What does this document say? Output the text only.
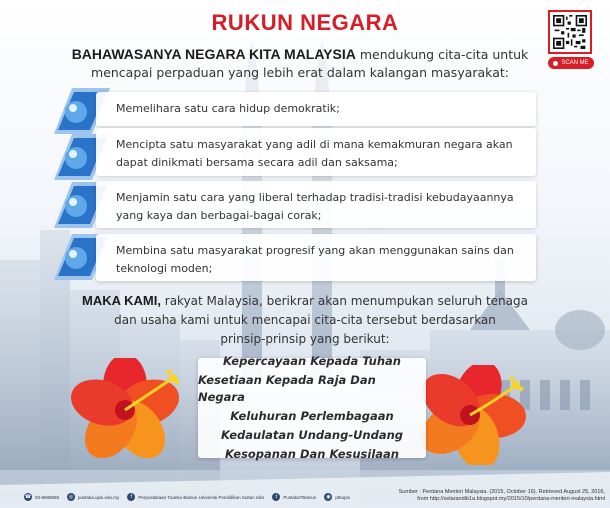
RUKUN NEGARA
SCAN ME
BAHAWASANYA NEGARA KITA MALAYSIA mendukung cita-cita untuk
mencapai perpaduan yang lebih erat dalam kalangan masyarakat:
Memelihara satu cara hidup demokratik;
Mencipta satu masyarakat yang adil di mana kemakmuran negara akan
dapat dinikmati bersama secara adil dan saksama;
Menjamin satu cara yang liberal terhadap tradisi-tradisi kebudayaannya
yang kaya dan berbagai-bagai corak;
Membina satu masyarakat progresif yang akan menggunakan sains dan
teknologi moden;
MAKA KAMI, rakyat Malaysia, berikrar akan menumpukan seluruh tenaga
dan usaha kami untuk mencapai cita-cita tersebut berdasarkan
prinsip-prinsip yang berikut:
Kepercayaan Kepada Tuhan
Kesetiaan Kepada Raja Dan Negara
Keluhuran Perlembagaan
Kedaulatan Undang-Undang
Kesopanan Dan Kesusilaan
☎ 03-8888888	◎	pustaka.upsi.edu.my	f	Perpustakaan Tuanku Bainun Universiti Pendidikan Sultan Idris	t	PustakaTBainun	◉	ptbupsi
Sumber : Perdana Menteri Malaysia. (2015, October 16). Retrieved August 25, 2016,
from http://selarandib1a.blogspot.my/2015/10/perdana-menteri-malaysia.html
